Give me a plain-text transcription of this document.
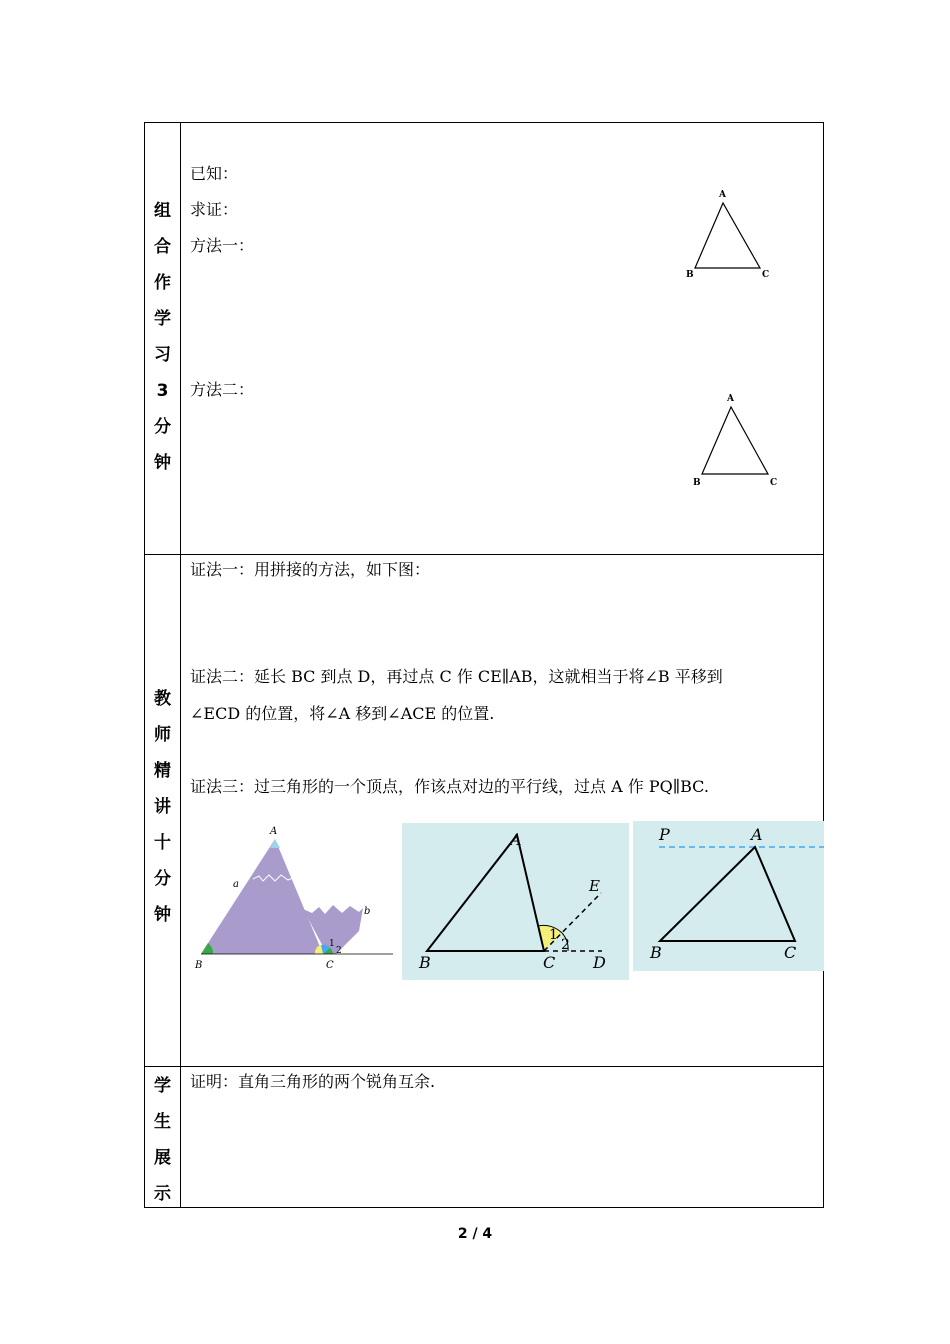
组
合
作
学
习
3
分
钟
已知：
求证：
方法一：
方法二：
A
B	C
A
B	C
教
师
精
讲
十
分
钟
证法一：用拼接的方法，如下图：
证法二：延长 BC 到点 D，再过点 C 作 CE∥AB，这就相当于将∠B 平移到
∠ECD 的位置，将∠A 移到∠ACE 的位置.
证法三：过三角形的一个顶点，作该点对边的平行线，过点 A 作 PQ∥BC.
A
B	C
a
b
1
2
A
B	C D
E
1
2
P	A
B	C
学
生
展
示
证明：直角三角形的两个锐角互余.
2 / 4
